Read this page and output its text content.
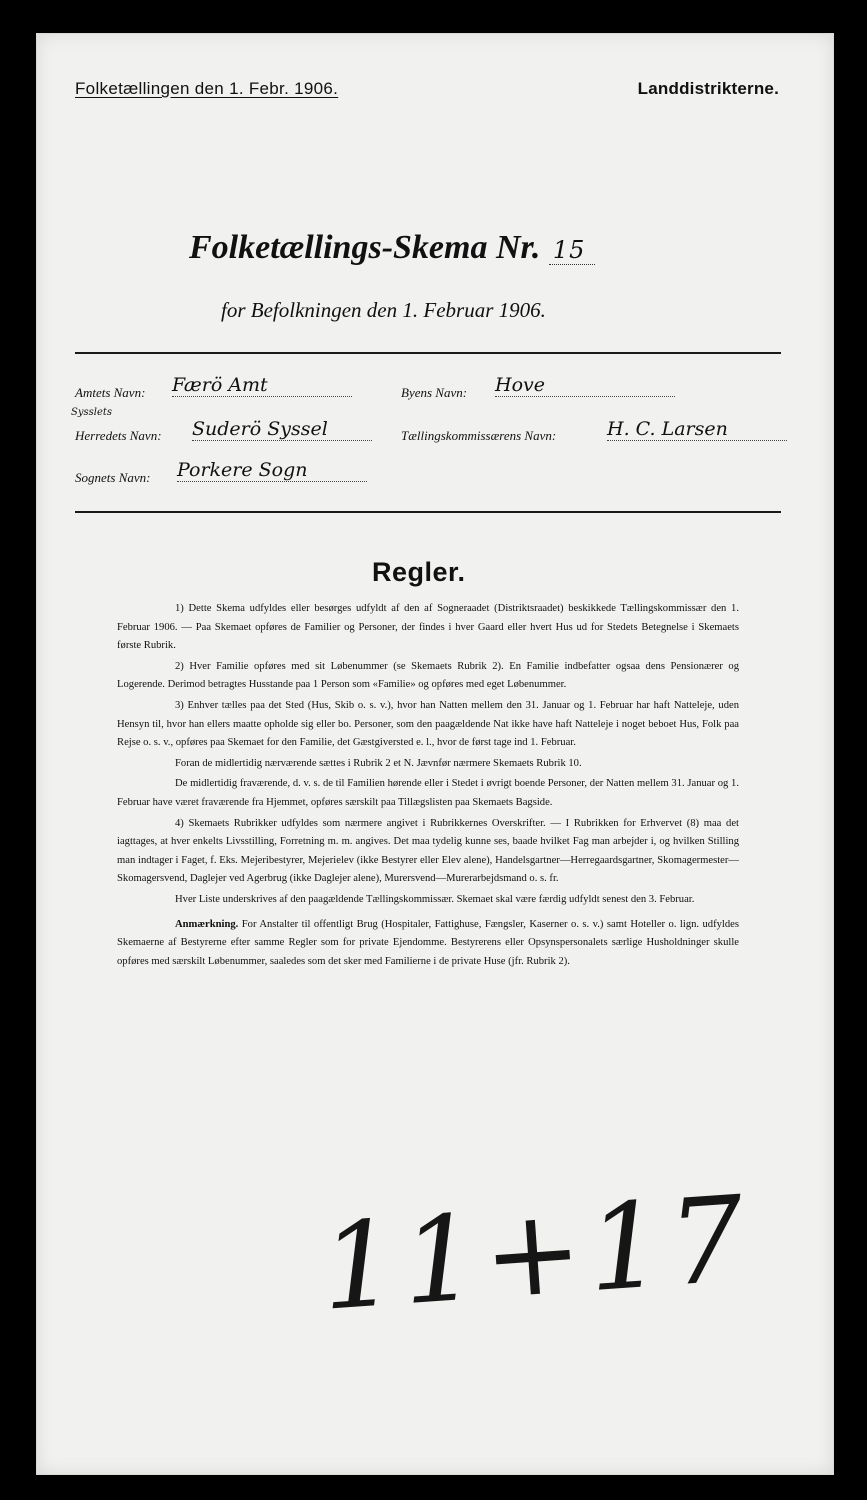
Folketællingen den 1. Febr. 1906.	Landdistrikterne.
Folketællings-Skema Nr. 15
for Befolkningen den 1. Februar 1906.
Amtets Navn: Færö Amt	Byens Navn: Hove
Sysslets
Herredets Navn: Suderö Syssel	Tællingskommissærens Navn:	H. C. Larsen
Sognets Navn: Porkere Sogn
Regler.

1) Dette Skema udfyldes eller besørges udfyldt af den af Sogneraadet (Distriktsraadet) beskikkede Tællingskommissær den 1. Februar 1906. — Paa Skemaet opføres de Familier og Personer, der findes i hver Gaard eller hvert Hus ud for Stedets Betegnelse i Skemaets første Rubrik.

2) Hver Familie opføres med sit Løbenummer (se Skemaets Rubrik 2). En Familie indbefatter ogsaa dens Pensionærer og Logerende. Derimod betragtes Husstande paa 1 Person som «Familie» og opføres med eget Løbenummer.

3) Enhver tælles paa det Sted (Hus, Skib o. s. v.), hvor han Natten mellem den 31. Januar og 1. Februar har haft Natteleje, uden Hensyn til, hvor han ellers maatte opholde sig eller bo. Personer, som den paagældende Nat ikke have haft Natteleje i noget beboet Hus, Folk paa Rejse o. s. v., opføres paa Skemaet for den Familie, det Gæstgiversted e. l., hvor de først tage ind 1. Februar.

Foran de midlertidig nærværende sættes i Rubrik 2 et N. Jævnfør nærmere Skemaets Rubrik 10.

De midlertidig fraværende, d. v. s. de til Familien hørende eller i Stedet i øvrigt boende Personer, der Natten mellem 31. Januar og 1. Februar have været fraværende fra Hjemmet, opføres særskilt paa Tillægslisten paa Skemaets Bagside.

4) Skemaets Rubrikker udfyldes som nærmere angivet i Rubrikkernes Overskrifter. — I Rubrikken for Erhvervet (8) maa det iagttages, at hver enkelts Livsstilling, Forretning m. m. angives. Det maa tydelig kunne ses, baade hvilket Fag man arbejder i, og hvilken Stilling man indtager i Faget, f. Eks. Mejeribestyrer, Mejerielev (ikke Bestyrer eller Elev alene), Handelsgartner—Herregaardsgartner, Skomagermester—Skomagersvend, Daglejer ved Agerbrug (ikke Daglejer alene), Murersvend—Murerarbejdsmand o. s. fr.

Hver Liste underskrives af den paagældende Tællingskommissær. Skemaet skal være færdig udfyldt senest den 3. Februar.

Anmærkning. For Anstalter til offentligt Brug (Hospitaler, Fattighuse, Fængsler, Kaserner o. s. v.) samt Hoteller o. lign. udfyldes Skemaerne af Bestyrerne efter samme Regler som for private Ejendomme. Bestyrerens eller Opsynspersonalets særlige Husholdninger skulle opføres med særskilt Løbenummer, saaledes som det sker med Familierne i de private Huse (jfr. Rubrik 2).

11+17
